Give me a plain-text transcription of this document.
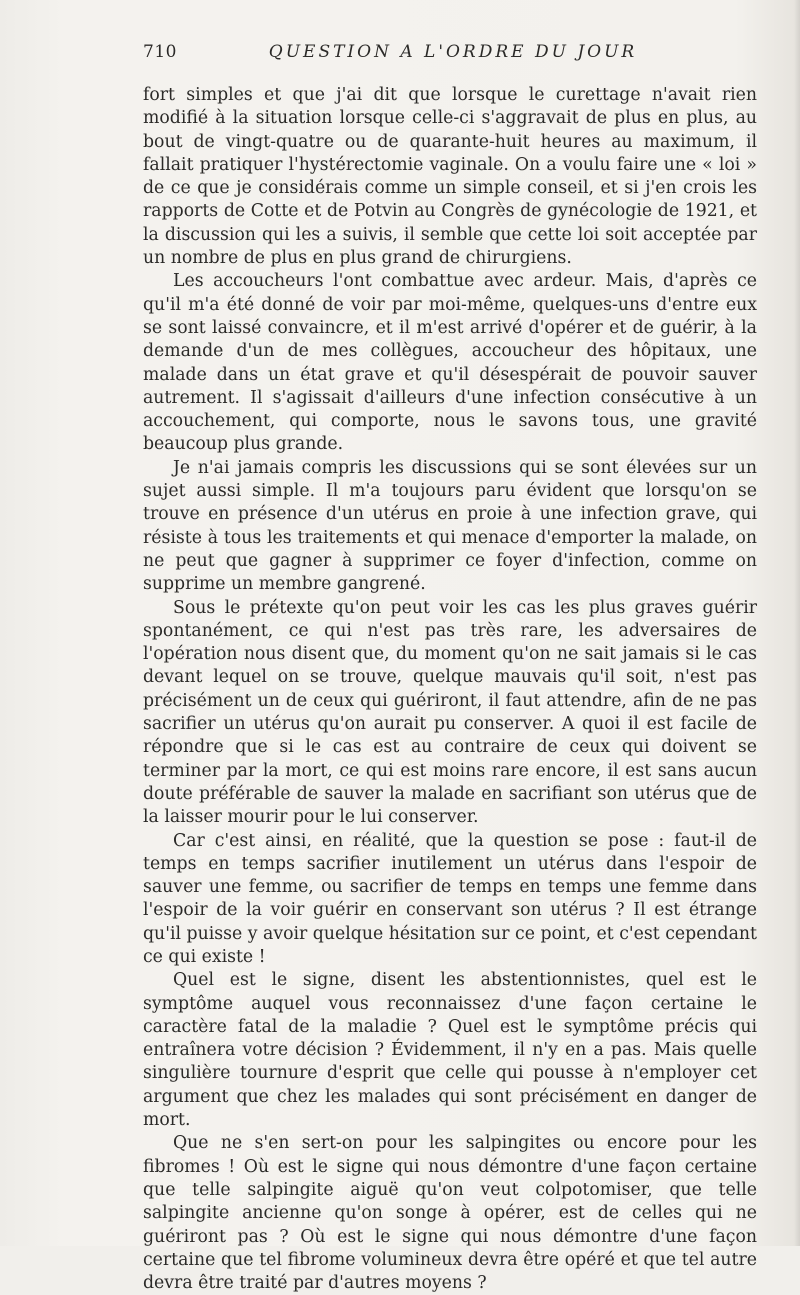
710	QUESTION A L'ORDRE DU JOUR

fort simples et que j'ai dit que lorsque le curettage n'avait rien modifié à la situation lorsque celle-ci s'aggravait de plus en plus, au bout de vingt-quatre ou de quarante-huit heures au maximum, il fallait pratiquer l'hystérectomie vaginale. On a voulu faire une « loi » de ce que je considérais comme un simple conseil, et si j'en crois les rapports de Cotte et de Potvin au Congrès de gynécologie de 1921, et la discussion qui les a suivis, il semble que cette loi soit acceptée par un nombre de plus en plus grand de chirurgiens.

Les accoucheurs l'ont combattue avec ardeur. Mais, d'après ce qu'il m'a été donné de voir par moi-même, quelques-uns d'entre eux se sont laissé convaincre, et il m'est arrivé d'opérer et de guérir, à la demande d'un de mes collègues, accoucheur des hôpitaux, une malade dans un état grave et qu'il désespérait de pouvoir sauver autrement. Il s'agissait d'ailleurs d'une infection consécutive à un accouchement, qui comporte, nous le savons tous, une gravité beaucoup plus grande.

Je n'ai jamais compris les discussions qui se sont élevées sur un sujet aussi simple. Il m'a toujours paru évident que lorsqu'on se trouve en présence d'un utérus en proie à une infection grave, qui résiste à tous les traitements et qui menace d'emporter la malade, on ne peut que gagner à supprimer ce foyer d'infection, comme on supprime un membre gangrené.

Sous le prétexte qu'on peut voir les cas les plus graves guérir spontanément, ce qui n'est pas très rare, les adversaires de l'opération nous disent que, du moment qu'on ne sait jamais si le cas devant lequel on se trouve, quelque mauvais qu'il soit, n'est pas précisément un de ceux qui guériront, il faut attendre, afin de ne pas sacrifier un utérus qu'on aurait pu conserver. A quoi il est facile de répondre que si le cas est au contraire de ceux qui doivent se terminer par la mort, ce qui est moins rare encore, il est sans aucun doute préférable de sauver la malade en sacrifiant son utérus que de la laisser mourir pour le lui conserver.

Car c'est ainsi, en réalité, que la question se pose : faut-il de temps en temps sacrifier inutilement un utérus dans l'espoir de sauver une femme, ou sacrifier de temps en temps une femme dans l'espoir de la voir guérir en conservant son utérus ? Il est étrange qu'il puisse y avoir quelque hésitation sur ce point, et c'est cependant ce qui existe !

Quel est le signe, disent les abstentionnistes, quel est le symptôme auquel vous reconnaissez d'une façon certaine le caractère fatal de la maladie ? Quel est le symptôme précis qui entraînera votre décision ? Évidemment, il n'y en a pas. Mais quelle singulière tournure d'esprit que celle qui pousse à n'employer cet argument que chez les malades qui sont précisément en danger de mort.

Que ne s'en sert-on pour les salpingites ou encore pour les fibromes ! Où est le signe qui nous démontre d'une façon certaine que telle salpingite aiguë qu'on veut colpotomiser, que telle salpingite ancienne qu'on songe à opérer, est de celles qui ne guériront pas ? Où est le signe qui nous démontre d'une façon certaine que tel fibrome volumineux devra être opéré et que tel autre devra être traité par d'autres moyens ?
